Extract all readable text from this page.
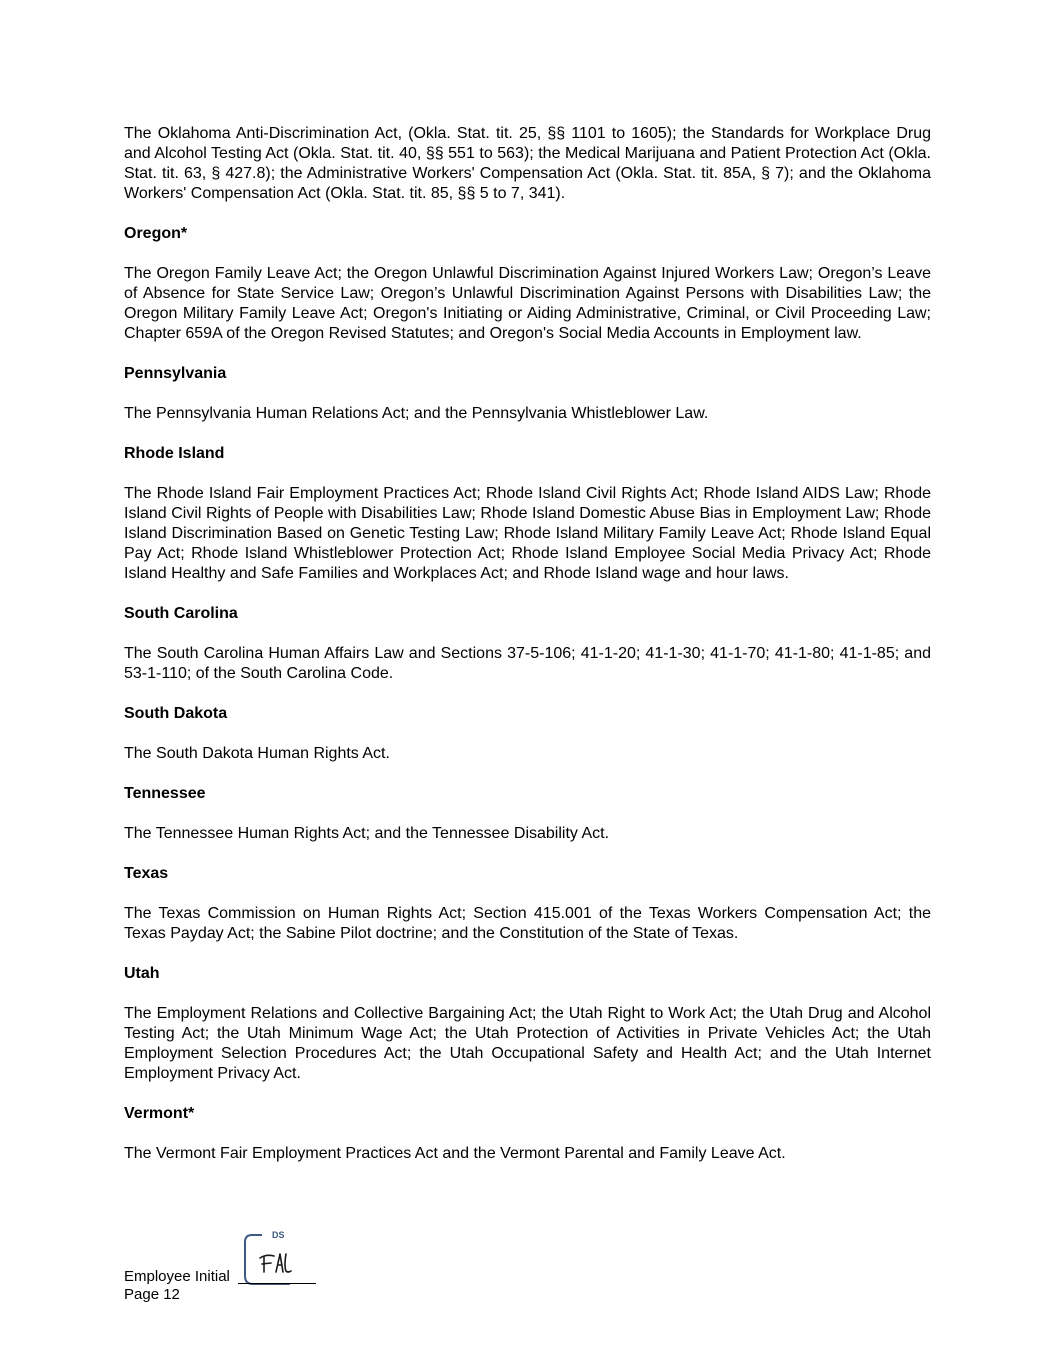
The Oklahoma Anti-Discrimination Act, (Okla. Stat. tit. 25, §§ 1101 to 1605); the Standards for Workplace Drug and Alcohol Testing Act (Okla. Stat. tit. 40, §§ 551 to 563); the Medical Marijuana and Patient Protection Act (Okla. Stat. tit. 63, § 427.8); the Administrative Workers' Compensation Act (Okla. Stat. tit. 85A, § 7); and the Oklahoma Workers' Compensation Act (Okla. Stat. tit. 85, §§ 5 to 7, 341).

Oregon*

The Oregon Family Leave Act; the Oregon Unlawful Discrimination Against Injured Workers Law; Oregon’s Leave of Absence for State Service Law; Oregon’s Unlawful Discrimination Against Persons with Disabilities Law; the Oregon Military Family Leave Act; Oregon's Initiating or Aiding Administrative, Criminal, or Civil Proceeding Law; Chapter 659A of the Oregon Revised Statutes; and Oregon's Social Media Accounts in Employment law.

Pennsylvania

The Pennsylvania Human Relations Act; and the Pennsylvania Whistleblower Law.

Rhode Island

The Rhode Island Fair Employment Practices Act; Rhode Island Civil Rights Act; Rhode Island AIDS Law; Rhode Island Civil Rights of People with Disabilities Law; Rhode Island Domestic Abuse Bias in Employment Law; Rhode Island Discrimination Based on Genetic Testing Law; Rhode Island Military Family Leave Act; Rhode Island Equal Pay Act; Rhode Island Whistleblower Protection Act; Rhode Island Employee Social Media Privacy Act; Rhode Island Healthy and Safe Families and Workplaces Act; and Rhode Island wage and hour laws.

South Carolina

The South Carolina Human Affairs Law and Sections 37-5-106; 41-1-20; 41-1-30; 41-1-70; 41-1-80; 41-1-85; and 53-1-110; of the South Carolina Code.

South Dakota

The South Dakota Human Rights Act.

Tennessee

The Tennessee Human Rights Act; and the Tennessee Disability Act.

Texas

The Texas Commission on Human Rights Act; Section 415.001 of the Texas Workers Compensation Act; the Texas Payday Act; the Sabine Pilot doctrine; and the Constitution of the State of Texas.

Utah

The Employment Relations and Collective Bargaining Act; the Utah Right to Work Act; the Utah Drug and Alcohol Testing Act; the Utah Minimum Wage Act; the Utah Protection of Activities in Private Vehicles Act; the Utah Employment Selection Procedures Act; the Utah Occupational Safety and Health Act; and the Utah Internet Employment Privacy Act.

Vermont*

The Vermont Fair Employment Practices Act and the Vermont Parental and Family Leave Act.

DS
Employee Initial
Page 12
